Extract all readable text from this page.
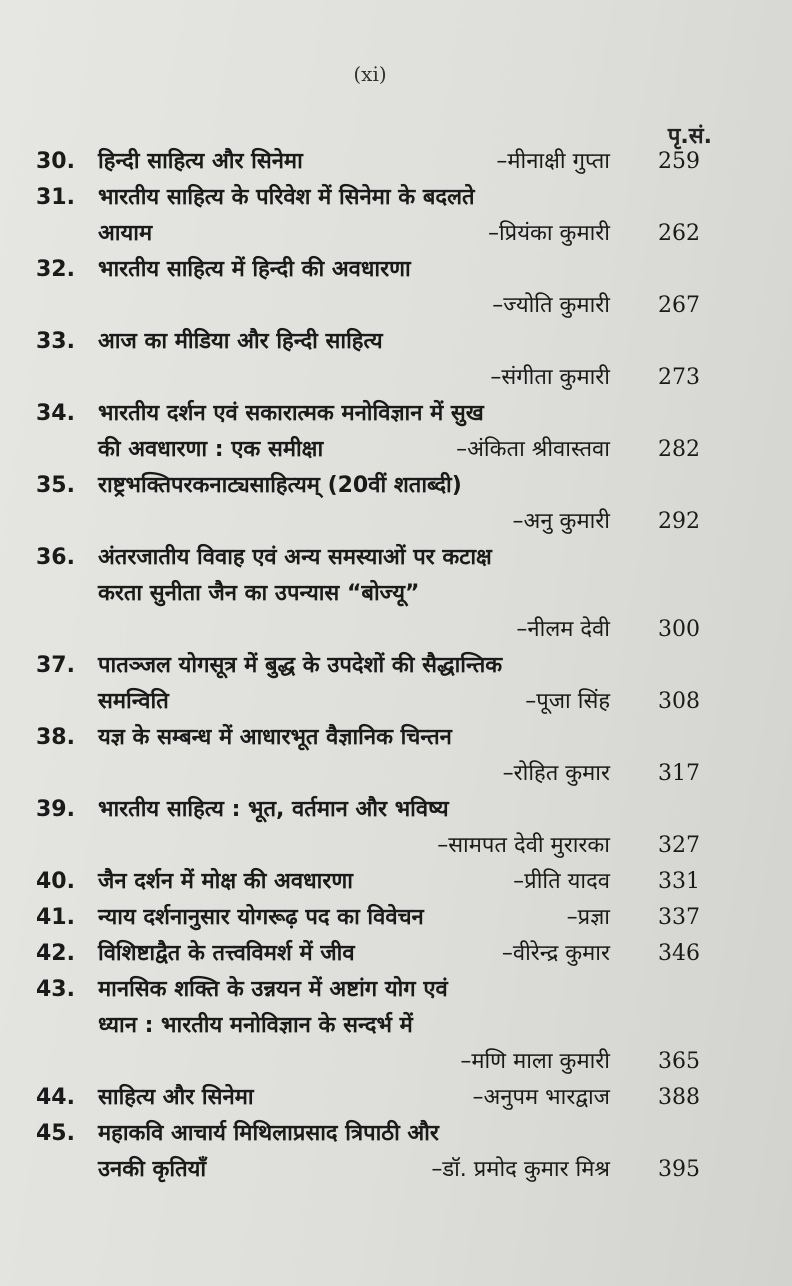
(xi)
पृ.सं.
30.	हिन्दी साहित्य और सिनेमा	–मीनाक्षी गुप्ता	259
31.	भारतीय साहित्य के परिवेश में सिनेमा के बदलते
आयाम	–प्रियंका कुमारी	262
32.	भारतीय साहित्य में हिन्दी की अवधारणा
–ज्योति कुमारी	267
33.	आज का मीडिया और हिन्दी साहित्य
–संगीता कुमारी	273
34.	भारतीय दर्शन एवं सकारात्मक मनोविज्ञान में सुख
की अवधारणा : एक समीक्षा	–अंकिता श्रीवास्तवा	282
35.	राष्ट्रभक्तिपरकनाट्यसाहित्यम् (20वीं शताब्दी)
–अनु कुमारी	292
36.	अंतरजातीय विवाह एवं अन्य समस्याओं पर कटाक्ष
करता सुनीता जैन का उपन्यास “बोज्यू”
–नीलम देवी	300
37.	पातञ्जल योगसूत्र में बुद्ध के उपदेशों की सैद्धान्तिक
समन्विति	–पूजा सिंह	308
38.	यज्ञ के सम्बन्ध में आधारभूत वैज्ञानिक चिन्तन
–रोहित कुमार	317
39.	भारतीय साहित्य : भूत, वर्तमान और भविष्य
–सामपत देवी मुरारका	327
40.	जैन दर्शन में मोक्ष की अवधारणा	–प्रीति यादव	331
41.	न्याय दर्शनानुसार योगरूढ़ पद का विवेचन	–प्रज्ञा	337
42.	विशिष्टाद्वैत के तत्त्वविमर्श में जीव	–वीरेन्द्र कुमार	346
43.	मानसिक शक्ति के उन्नयन में अष्टांग योग एवं
ध्यान : भारतीय मनोविज्ञान के सन्दर्भ में
–मणि माला कुमारी	365
44.	साहित्य और सिनेमा	–अनुपम भारद्वाज	388
45.	महाकवि आचार्य मिथिलाप्रसाद त्रिपाठी और
उनकी कृतियाँ	–डॉ. प्रमोद कुमार मिश्र	395
